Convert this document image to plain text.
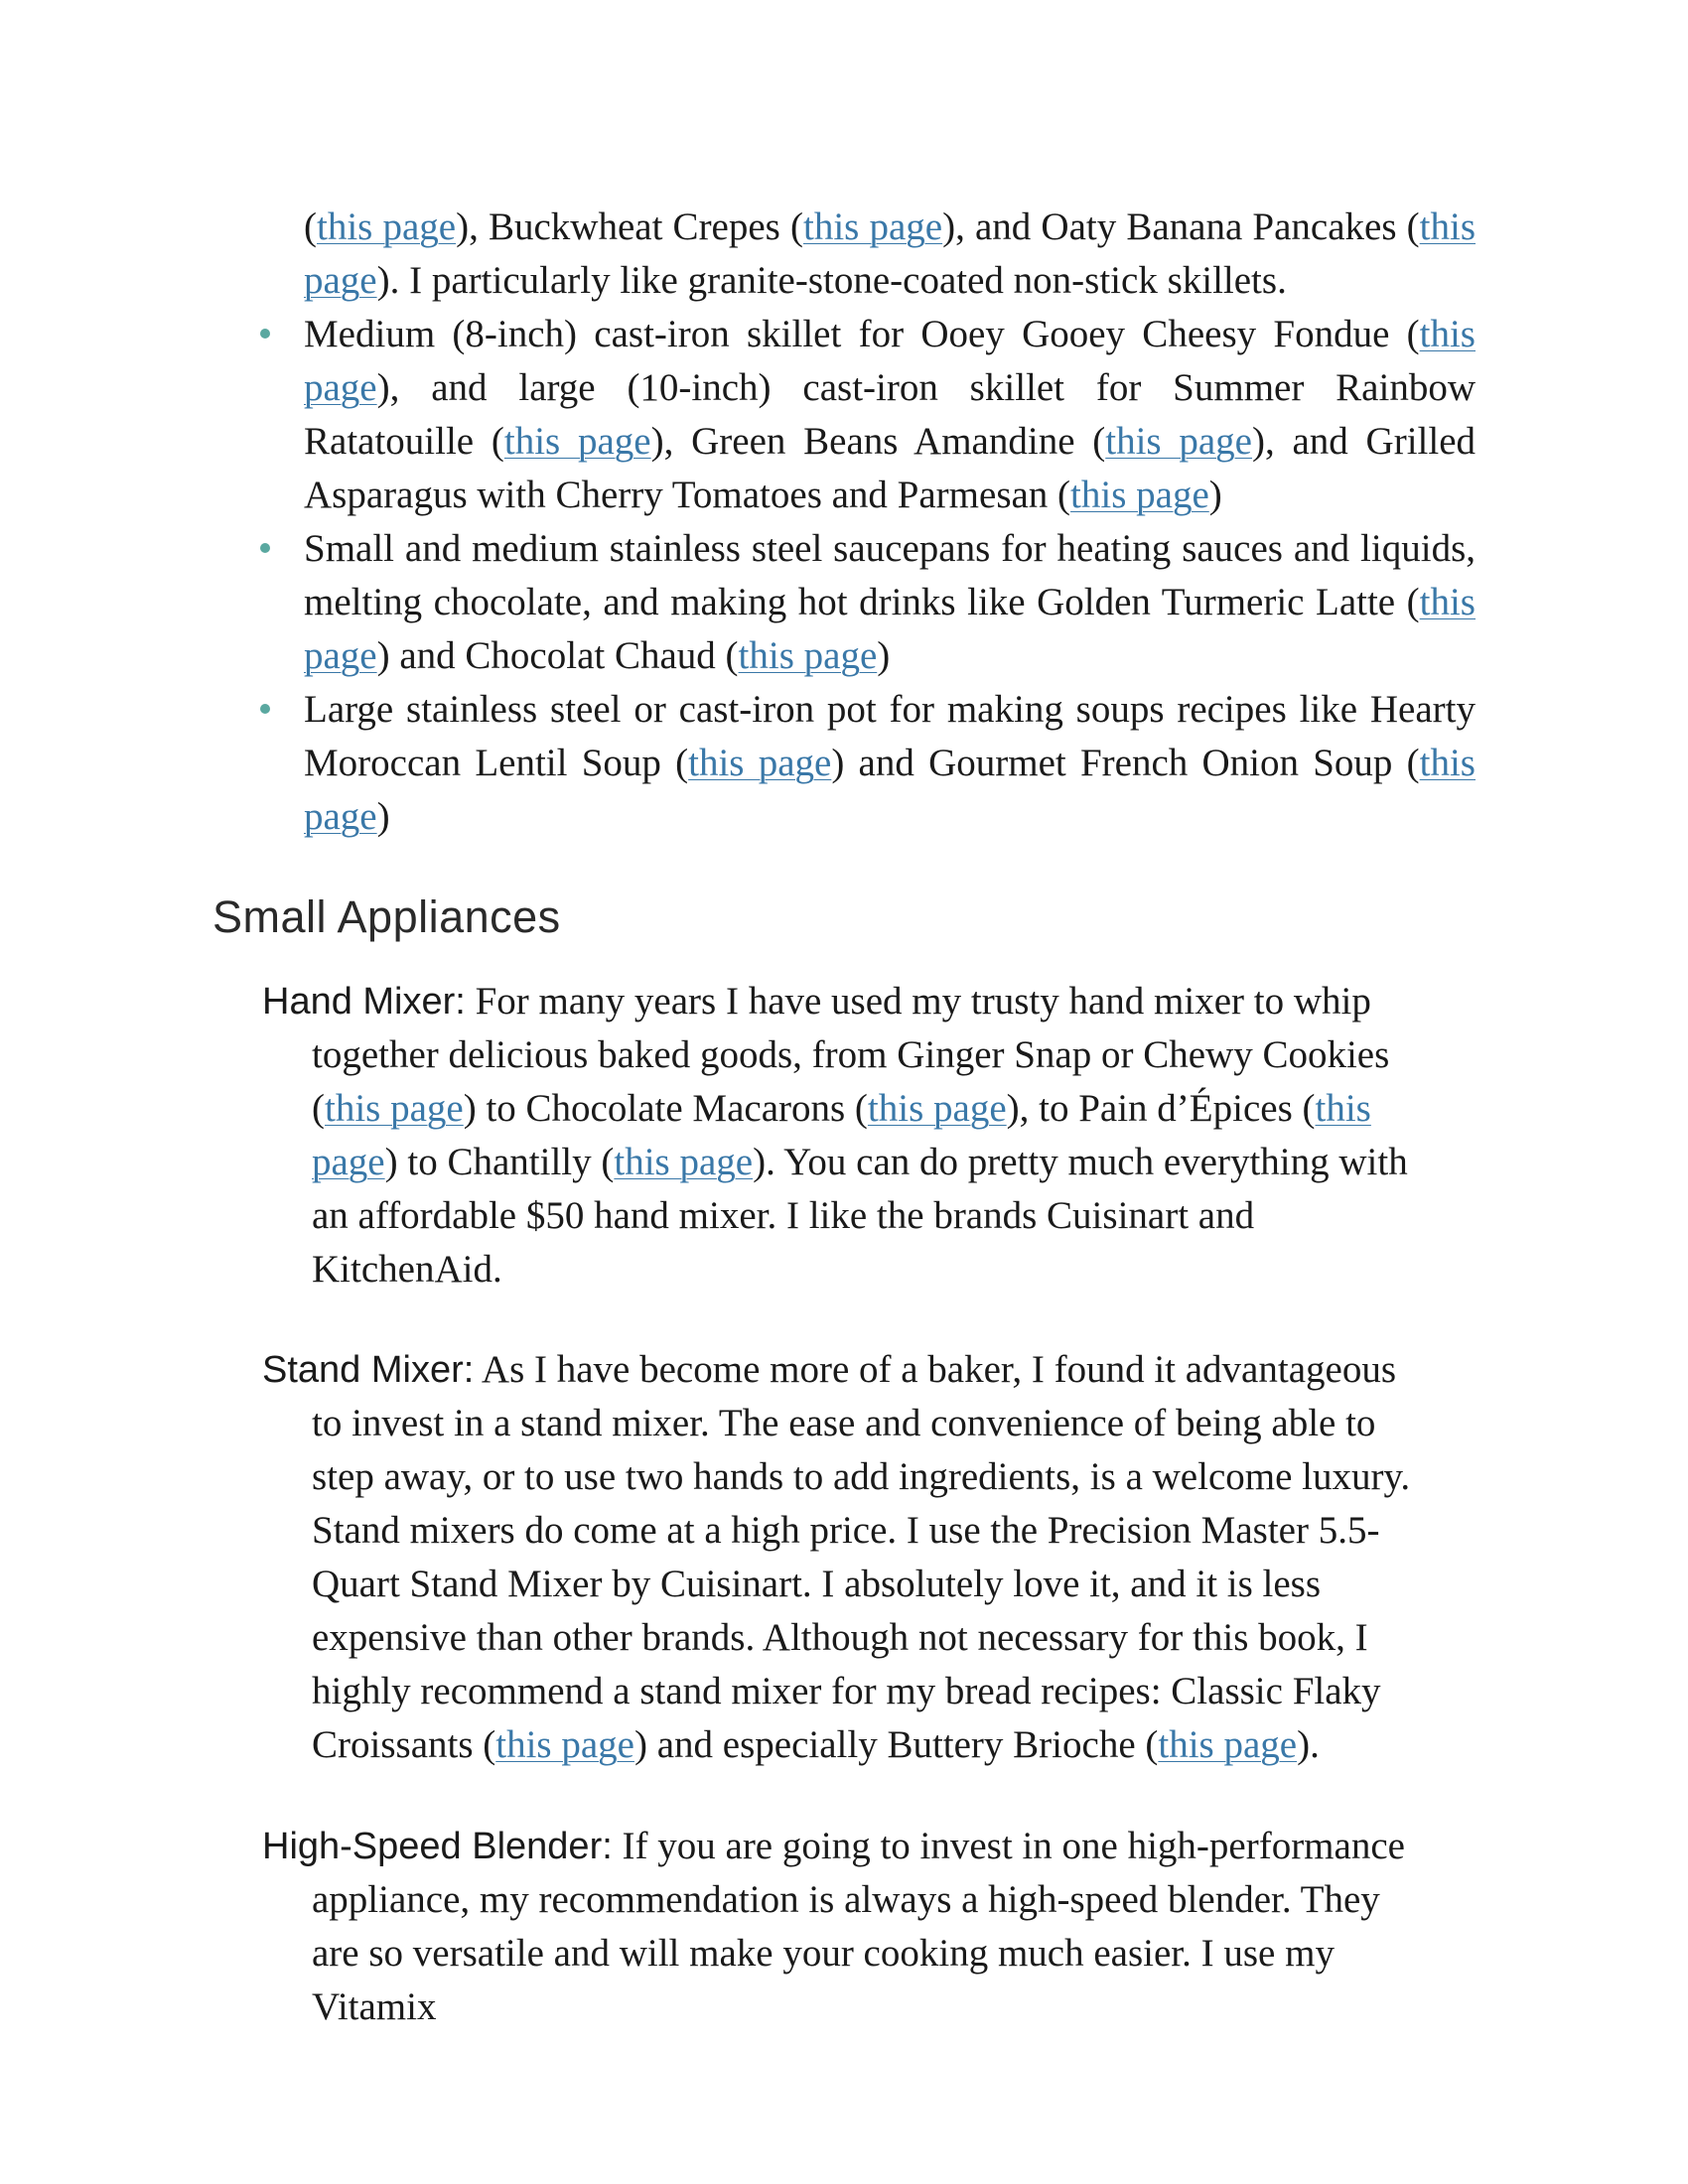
(this page), Buckwheat Crepes (this page), and Oaty Banana Pancakes (this page). I particularly like granite-stone-coated non-stick skillets.
Medium (8-inch) cast-iron skillet for Ooey Gooey Cheesy Fondue (this page), and large (10-inch) cast-iron skillet for Summer Rainbow Ratatouille (this page), Green Beans Amandine (this page), and Grilled Asparagus with Cherry Tomatoes and Parmesan (this page)
Small and medium stainless steel saucepans for heating sauces and liquids, melting chocolate, and making hot drinks like Golden Turmeric Latte (this page) and Chocolat Chaud (this page)
Large stainless steel or cast-iron pot for making soups recipes like Hearty Moroccan Lentil Soup (this page) and Gourmet French Onion Soup (this page)
Small Appliances
Hand Mixer: For many years I have used my trusty hand mixer to whip together delicious baked goods, from Ginger Snap or Chewy Cookies (this page) to Chocolate Macarons (this page), to Pain d’Épices (this page) to Chantilly (this page). You can do pretty much everything with an affordable $50 hand mixer. I like the brands Cuisinart and KitchenAid.
Stand Mixer: As I have become more of a baker, I found it advantageous to invest in a stand mixer. The ease and convenience of being able to step away, or to use two hands to add ingredients, is a welcome luxury. Stand mixers do come at a high price. I use the Precision Master 5.5-Quart Stand Mixer by Cuisinart. I absolutely love it, and it is less expensive than other brands. Although not necessary for this book, I highly recommend a stand mixer for my bread recipes: Classic Flaky Croissants (this page) and especially Buttery Brioche (this page).
High-Speed Blender: If you are going to invest in one high-performance appliance, my recommendation is always a high-speed blender. They are so versatile and will make your cooking much easier. I use my Vitamix
